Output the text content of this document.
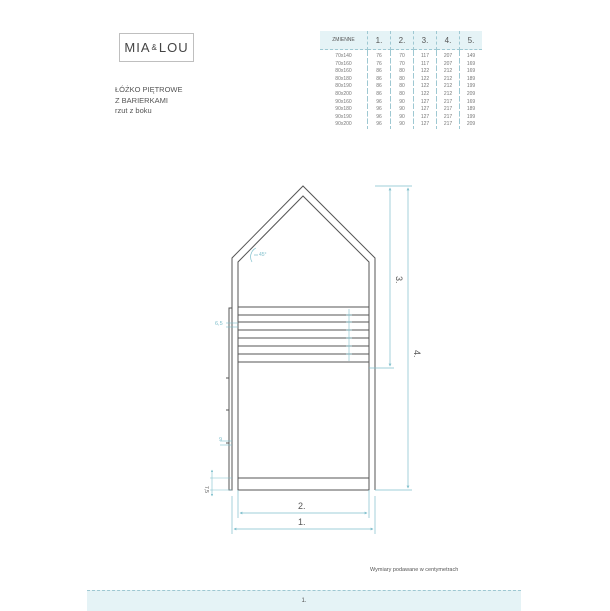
MIA & LOU
ŁÓŻKO PIĘTROWE
Z BARIERKAMI
rzut z boku
ZMIENNE	1.	2.	3.	4.	5.

70x140	76	70	117	207	149
70x160	76	70	117	207	169
80x160	86	80	122	212	169
80x180	86	80	122	212	189
80x190	86	80	122	212	199
80x200	86	80	122	212	209
90x160	96	90	127	217	169
90x180	96	90	127	217	189
90x190	96	90	127	217	199
90x200	96	90	127	217	209
45°
3.
4.
6,5
9
7,5
2.
1.
Wymiary podawane w centymetrach
1.
